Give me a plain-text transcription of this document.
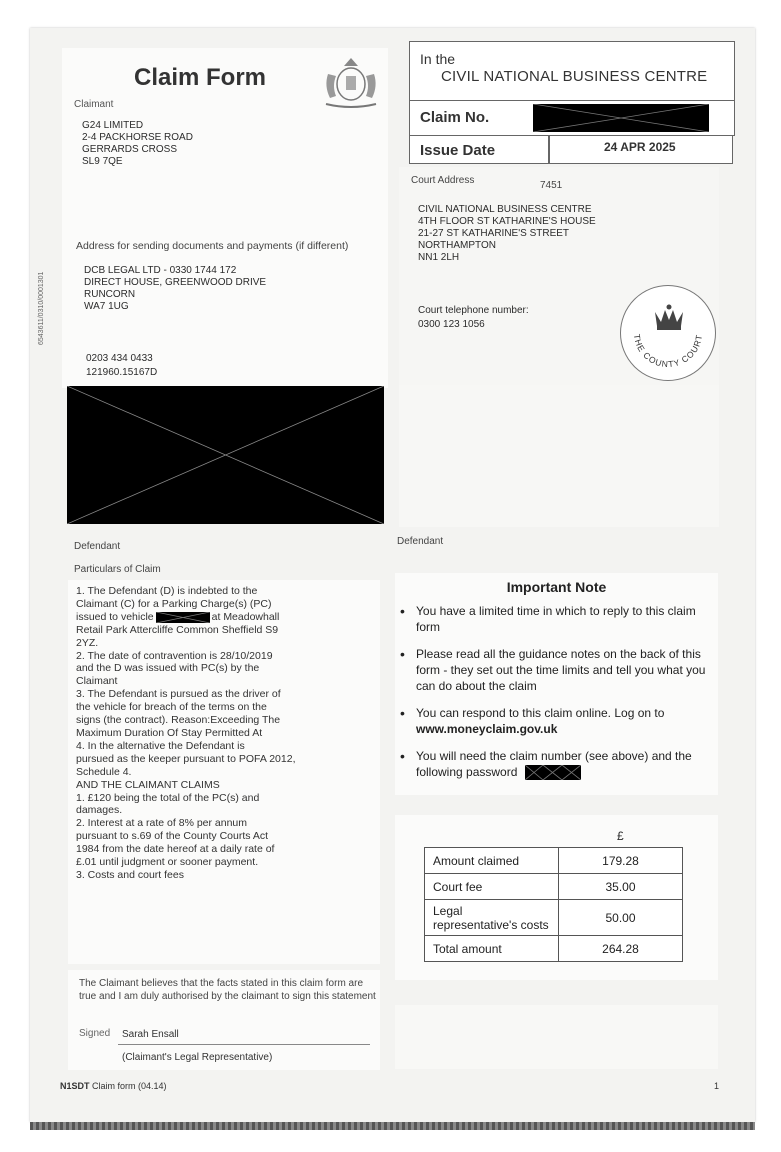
6543611/0310/0001301
Claim Form
Claimant
G24 LIMITED
2-4 PACKHORSE ROAD
GERRARDS CROSS
SL9 7QE
Address for sending documents and payments (if different)
DCB LEGAL LTD - 0330 1744 172
DIRECT HOUSE, GREENWOOD DRIVE
RUNCORN
WA7 1UG
0203 434 0433
121960.15167D
In the
CIVIL NATIONAL BUSINESS CENTRE
Claim No.
Issue Date	24 APR 2025
Court Address	7451
CIVIL NATIONAL BUSINESS CENTRE
4TH FLOOR ST KATHARINE'S HOUSE
21-27 ST KATHARINE'S STREET
NORTHAMPTON
NN1 2LH
Court telephone number:
0300 123 1056
THE COUNTY COURT
Defendant	Defendant
Particulars of Claim
1. The Defendant (D) is indebted to the
Claimant (C) for a Parking Charge(s) (PC)
issued to vehicle	at Meadowhall
Retail Park Attercliffe Common Sheffield S9
2YZ.
2. The date of contravention is 28/10/2019
and the D was issued with PC(s) by the
Claimant
3. The Defendant is pursued as the driver of
the vehicle for breach of the terms on the
signs (the contract). Reason:Exceeding The
Maximum Duration Of Stay Permitted At
4. In the alternative the Defendant is
pursued as the keeper pursuant to POFA 2012,
Schedule 4.
AND THE CLAIMANT CLAIMS
1. £120 being the total of the PC(s) and
damages.
2. Interest at a rate of 8% per annum
pursuant to s.69 of the County Courts Act
1984 from the date hereof at a daily rate of
£.01 until judgment or sooner payment.
3. Costs and court fees
Important Note
• You have a limited time in which to reply to this claim form
• Please read all the guidance notes on the back of this form - they set out the time limits and tell you what you can do about the claim
• You can respond to this claim online. Log on to
www.moneyclaim.gov.uk
• You will need the claim number (see above) and the following password
£
Amount claimed	179.28
Court fee	35.00
Legal representative's costs	50.00
Total amount	264.28
The Claimant believes that the facts stated in this claim form are true and I am duly authorised by the claimant to sign this statement
Signed Sarah Ensall
(Claimant's Legal Representative)
N1SDT Claim form (04.14)	1
